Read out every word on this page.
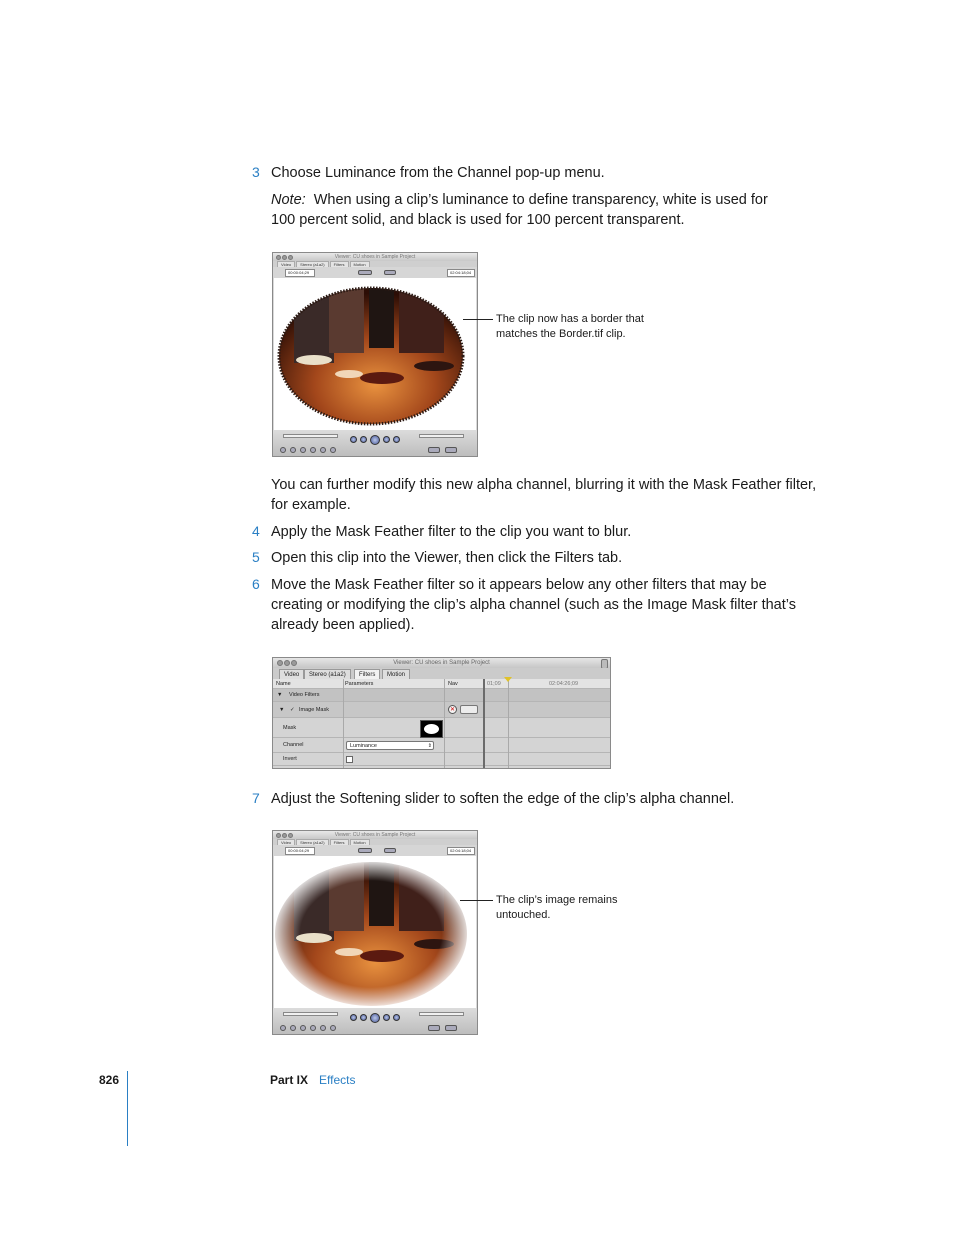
3 Choose Luminance from the Channel pop-up menu.
Note: When using a clip’s luminance to define transparency, white is used for
100 percent solid, and black is used for 100 percent transparent.
Viewer: CU shoes in Sample Project
Video Stereo (a1a2) Filters Motion
00:00:04;29	02:04:18;04
The clip now has a border that
matches the Border.tif clip.
You can further modify this new alpha channel, blurring it with the Mask Feather filter,
for example.
4 Apply the Mask Feather filter to the clip you want to blur.
5 Open this clip into the Viewer, then click the Filters tab.
6 Move the Mask Feather filter so it appears below any other filters that may be
creating or modifying the clip’s alpha channel (such as the Image Mask filter that’s
already been applied).
Viewer: CU shoes in Sample Project
Video	Stereo (a1a2)	Filters	Motion
Name	Parameters	Nav	01;09	02:04:26;09
▼ Video Filters
▼ ✓ Image Mask	✕
Mask
Channel	Luminance	⇕
Invert
7 Adjust the Softening slider to soften the edge of the clip’s alpha channel.
Viewer: CU shoes in Sample Project
Video Stereo (a1a2) Filters Motion
00:00:04;29	02:04:18;04
The clip’s image remains
untouched.
826	Part IX Effects
